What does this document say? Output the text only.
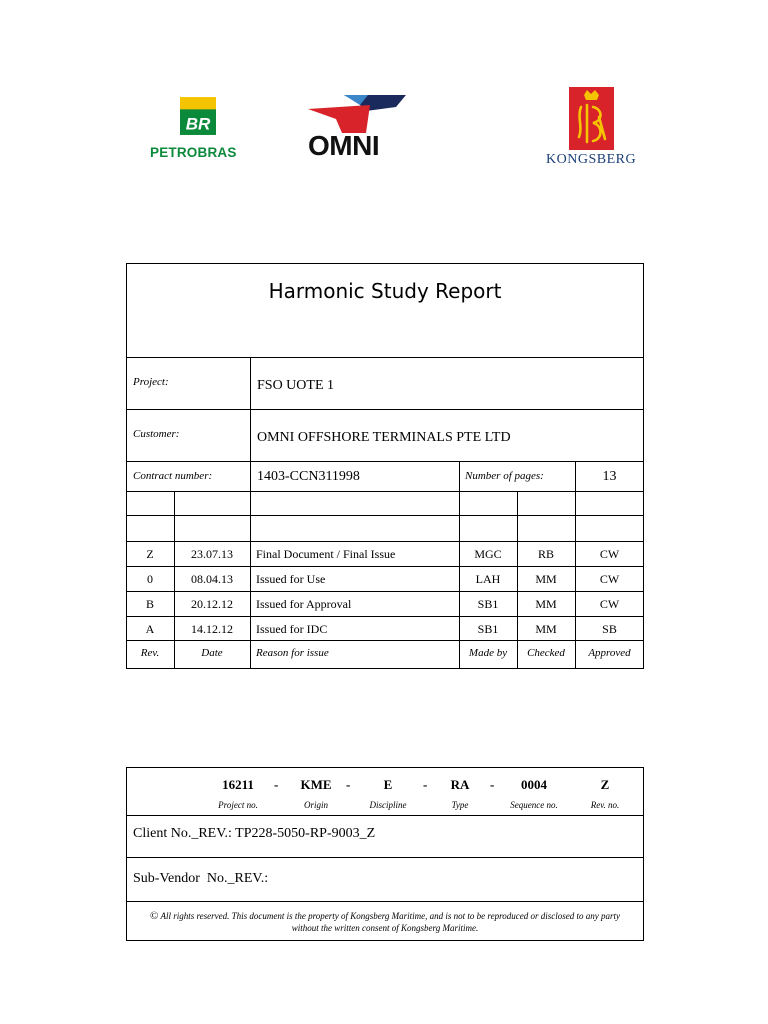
BR
PETROBRAS	OMNI	KONGSBERG
Harmonic Study Report
Project:	FSO UOTE 1
Customer:	OMNI OFFSHORE TERMINALS PTE LTD
Contract number:	1403-CCN311998	Number of pages:	13
Z	23.07.13	Final Document / Final Issue	MGC	RB	CW
0	08.04.13	Issued for Use	LAH	MM	CW
B	20.12.12	Issued for Approval	SB1	MM	CW
A	14.12.12	Issued for IDC	SB1	MM	SB
Rev.	Date	Reason for issue	Made by	Checked	Approved
16211	-	KME	-	E	-	RA	-	0004	Z
Project no.	Origin	Discipline	Type	Sequence no.	Rev. no.
Client No._REV.: TP228-5050-RP-9003_Z
Sub-Vendor  No._REV.:
© All rights reserved. This document is the property of Kongsberg Maritime, and is not to be reproduced or disclosed to any party
without the written consent of Kongsberg Maritime.
